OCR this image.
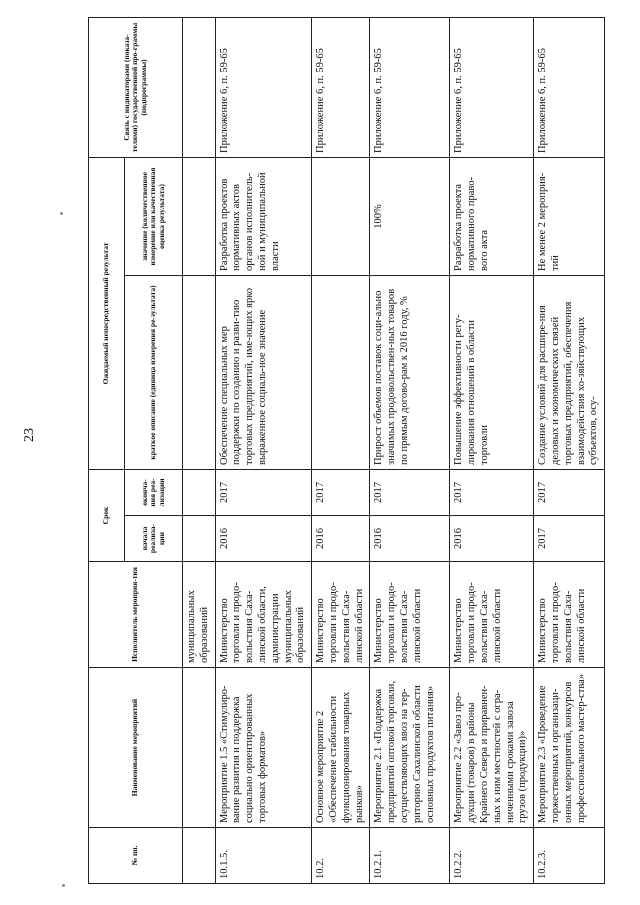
23
№ пп.	Наименование мероприятий	Исполнитель мероприя-тия	Срок		Ожидаемый непосредственный результат		Связь с индикаторами (показа-телями) государственной про-граммы (подпрограммы)
			начала реализа-ции	оконча-ния реа-лизации	краткое описание (единица измерения ре-зультата)	значение (количественное измерение или качественная оценка результата)	
		муниципальных образований					
10.1.5.	Мероприятие 1.5 «Стимулиро-вание развития и поддержка социально ориентированных торговых форматов»	Министерство торговли и продо-вольствия Саха-линской области, администрации муниципальных образований	2016	2017	Обеспечение специальных мер поддержки по созданию и разви-тию торговых предприятий, име-ющих ярко выраженное социаль-ное значение	Разработка проектов нормативных актов органов исполнитель-ной и муниципальной власти	Приложение 6, п. 59-65
10.2.	Основное мероприятие 2 «Обеспечение стабильности функционирования товарных рынков»	Министерство торговли и продо-вольствия Саха-линской области	2016	2017			Приложение 6, п. 59-65
10.2.1.	Мероприятие 2.1 «Поддержка предприятий оптовой торговли, осуществляющих ввоз на тер-риторию Сахалинской области основных продуктов питания»	Министерство торговли и продо-вольствия Саха-линской области	2016	2017	Прирост объемов поставок соци-ально значимых продовольствен-ных товаров по прямым догово-рам к 2016 году, %	100%	Приложение 6, п. 59-65
10.2.2.	Мероприятие 2.2 «Завоз про-дукции (товаров) в районы Крайнего Севера и приравнен-ных к ним местностей с огра-ниченными сроками завоза грузов (продукции)»	Министерство торговли и продо-вольствия Саха-линской области	2016	2017	Повышение эффективности регу-лирования отношений в области торговли	Разработка проекта нормативного право-вого акта	Приложение 6, п. 59-65
10.2.3.	Мероприятие 2.3 «Проведение торжественных и организаци-онных мероприятий, конкурсов профессионального мастер-ства»	Министерство торговли и продо-вольствия Саха-линской области	2017	2017	Создание условий для расшире-ния деловых и экономических связей торговых предприятий, обеспечения взаимодействия хо-зяйствующих субъектов, осу-	Не менее 2 мероприя-тий	Приложение 6, п. 59-65
